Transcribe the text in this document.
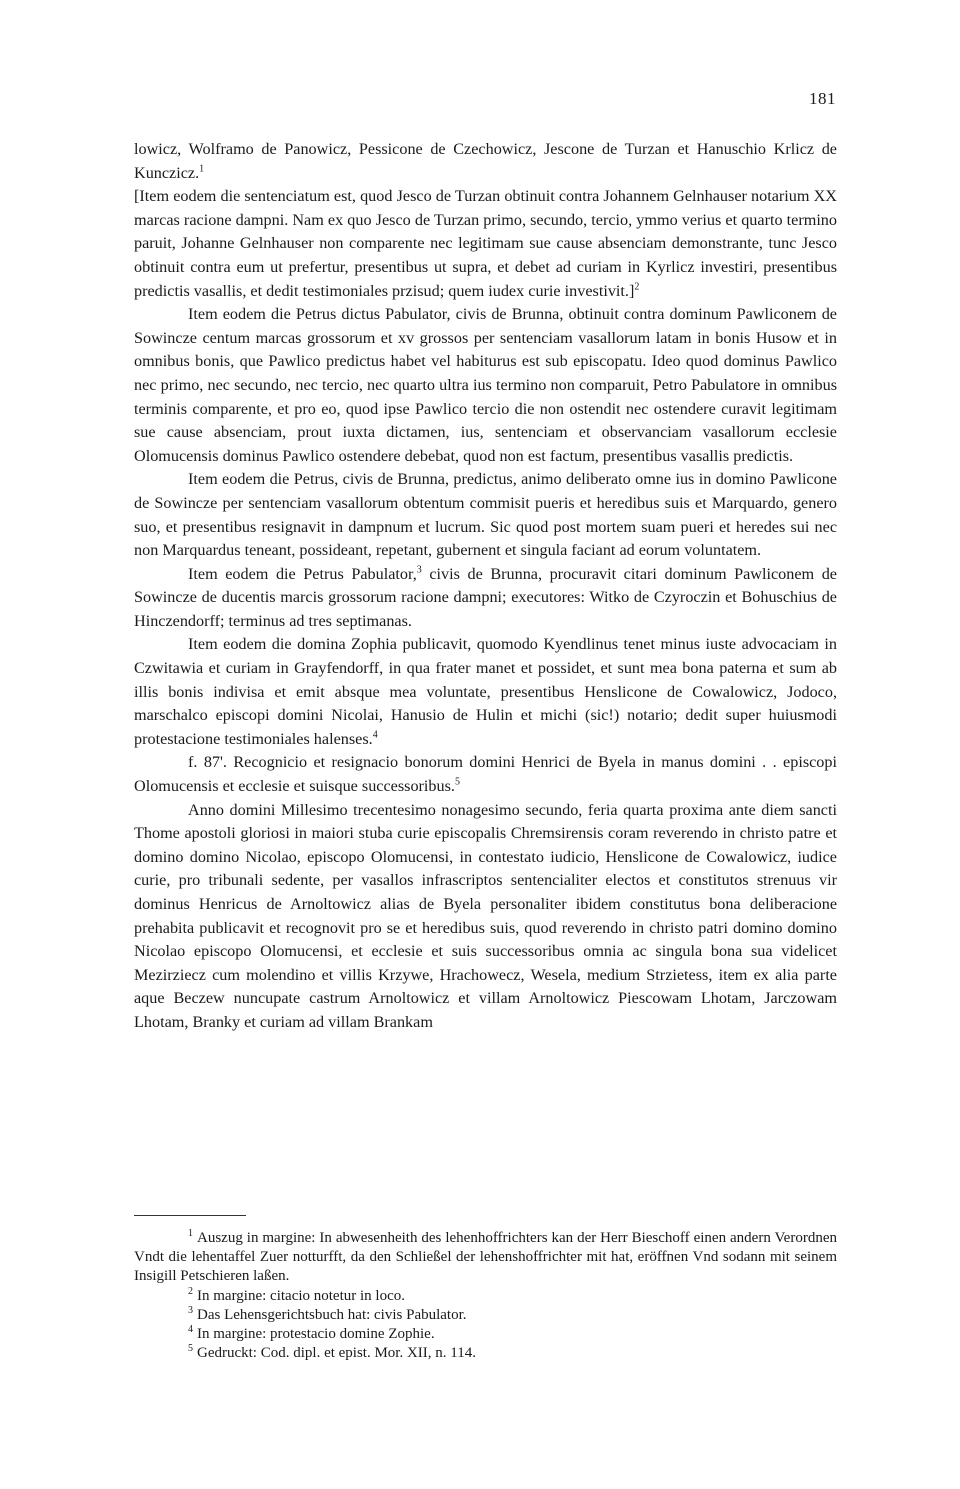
181

lowicz, Wolframo de Panowicz, Pessicone de Czechowicz, Jescone de Turzan et Hanuschio Krlicz de Kunczicz.$^1$

[Item eodem die sentenciatum est, quod Jesco de Turzan obtinuit contra Johannem Gelnhauser notarium XX marcas racione dampni. Nam ex quo Jesco de Turzan primo, secundo, tercio, ymmo verius et quarto termino paruit, Johanne Gelnhauser non comparente nec legitimam sue cause absenciam demonstrante, tunc Jesco obtinuit contra eum ut prefertur, presentibus ut supra, et debet ad curiam in Kyrlicz investiri, presentibus predictis vasallis, et dedit testimoniales przisud; quem iudex curie investivit.]$^2$

Item eodem die Petrus dictus Pabulator, civis de Brunna, obtinuit contra dominum Pawliconem de Sowincze centum marcas grossorum et xv grossos per sentenciam vasallorum latam in bonis Husow et in omnibus bonis, que Pawlico predictus habet vel habiturus est sub episcopatu. Ideo quod dominus Pawlico nec primo, nec secundo, nec tercio, nec quarto ultra ius termino non comparuit, Petro Pabulatore in omnibus terminis comparente, et pro eo, quod ipse Pawlico tercio die non ostendit nec ostendere curavit legitimam sue cause absenciam, prout iuxta dictamen, ius, sentenciam et observanciam vasallorum ecclesie Olomucensis dominus Pawlico ostendere debebat, quod non est factum, presentibus vasallis predictis.

Item eodem die Petrus, civis de Brunna, predictus, animo deliberato omne ius in domino Pawlicone de Sowincze per sentenciam vasallorum obtentum commisit pueris et heredibus suis et Marquardo, genero suo, et presentibus resignavit in dampnum et lucrum. Sic quod post mortem suam pueri et heredes sui nec non Marquardus teneant, possideant, repetant, gubernent et singula faciant ad eorum voluntatem.

Item eodem die Petrus Pabulator,$^3$ civis de Brunna, procuravit citari dominum Pawliconem de Sowincze de ducentis marcis grossorum racione dampni; executores: Witko de Czyroczin et Bohuschius de Hinczendorff; terminus ad tres septimanas.

Item eodem die domina Zophia publicavit, quomodo Kyendlinus tenet minus iuste advocaciam in Czwitawia et curiam in Grayfendorff, in qua frater manet et possidet, et sunt mea bona paterna et sum ab illis bonis indivisa et emit absque mea voluntate, presentibus Henslicone de Cowalowicz, Jodoco, marschalco episcopi domini Nicolai, Hanusio de Hulin et michi (sic!) notario; dedit super huiusmodi protestacione testimoniales halenses.$^4$

f. 87'. Recognicio et resignacio bonorum domini Henrici de Byela in manus domini . . episcopi Olomucensis et ecclesie et suisque successoribus.$^5$

Anno domini Millesimo trecentesimo nonagesimo secundo, feria quarta proxima ante diem sancti Thome apostoli gloriosi in maiori stuba curie episcopalis Chremsirensis coram reverendo in christo patre et domino domino Nicolao, episcopo Olomucensi, in contestato iudicio, Henslicone de Cowalowicz, iudice curie, pro tribunali sedente, per vasallos infrascriptos sentencialiter electos et constitutos strenuus vir dominus Henricus de Arnoltowicz alias de Byela personaliter ibidem constitutus bona deliberacione prehabita publicavit et recognovit pro se et heredibus suis, quod reverendo in christo patri domino domino Nicolao episcopo Olomucensi, et ecclesie et suis successoribus omnia ac singula bona sua videlicet Mezirziecz cum molendino et villis Krzywe, Hrachowecz, Wesela, medium Strzietess, item ex alia parte aque Beczew nuncupate castrum Arnoltowicz et villam Arnoltowicz Piescowam Lhotam, Jarczowam Lhotam, Branky et curiam ad villam Brankam

$^1$ Auszug in margine: In abwesenheith des lehenhoffrichters kan der Herr Bieschoff einen andern Verordnen Vndt die lehentaffel Zuer notturfft, da den Schließel der lehenshoffrichter mit hat, eröffnen Vnd sodann mit seinem Insigill Petschieren laßen.

$^2$ In margine: citacio notetur in loco.

$^3$ Das Lehensgerichtsbuch hat: civis Pabulator.

$^4$ In margine: protestacio domine Zophie.

$^5$ Gedruckt: Cod. dipl. et epist. Mor. XII, n. 114.
